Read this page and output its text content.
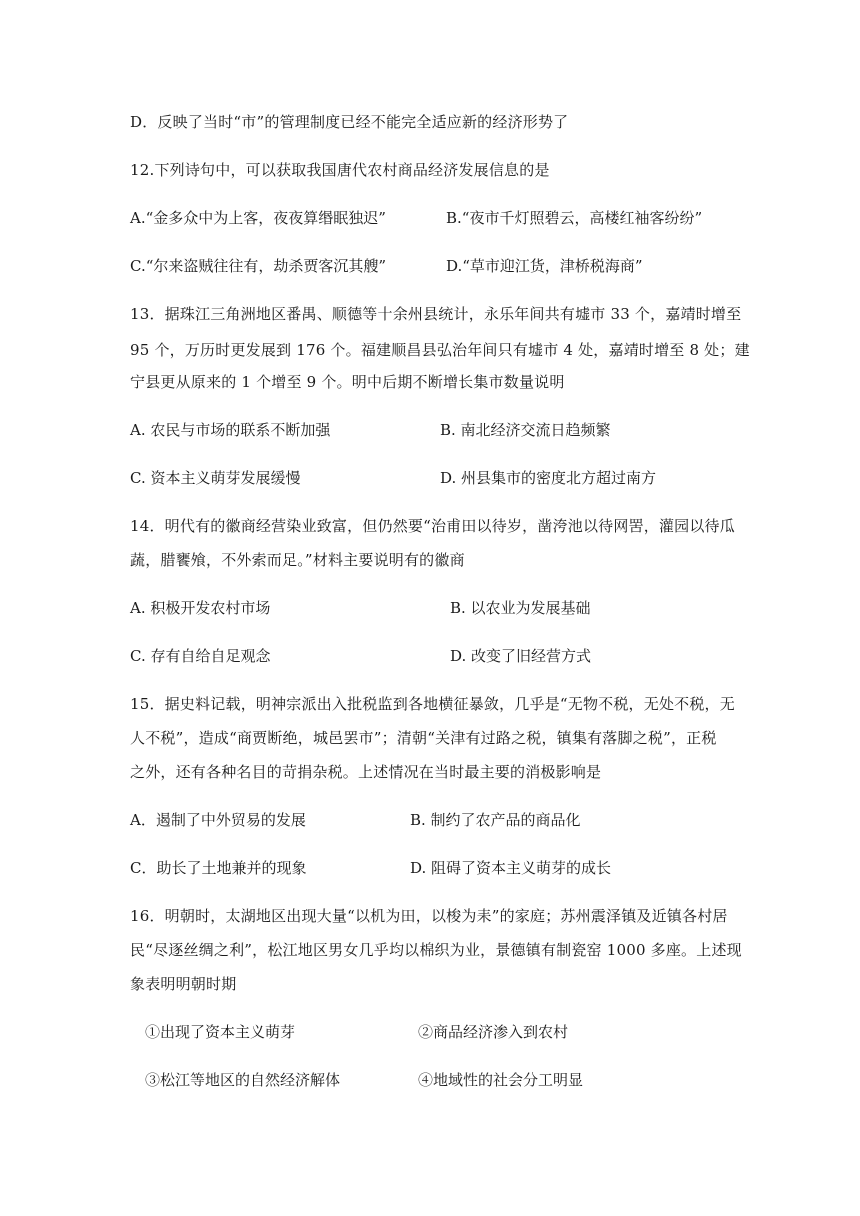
D．反映了当时“市”的管理制度已经不能完全适应新的经济形势了
12.下列诗句中，可以获取我国唐代农村商品经济发展信息的是
A.“金多众中为上客，夜夜算缗眠独迟”	B.“夜市千灯照碧云，高楼红袖客纷纷”
C.“尔来盗贼往往有，劫杀贾客沉其艘”	D.“草市迎江货，津桥税海商”
13．据珠江三角洲地区番禺、顺德等十余州县统计，永乐年间共有墟市 33 个，嘉靖时增至
95 个，万历时更发展到 176 个。福建顺昌县弘治年间只有墟市 4 处，嘉靖时增至 8 处；建
宁县更从原来的 1 个增至 9 个。明中后期不断增长集市数量说明
A. 农民与市场的联系不断加强	B. 南北经济交流日趋频繁
C. 资本主义萌芽发展缓慢	D. 州县集市的密度北方超过南方
14．明代有的徽商经营染业致富，但仍然要“治甫田以待岁，凿洿池以待网罟，灌园以待瓜
蔬，腊饔飧，不外索而足。”材料主要说明有的徽商
A. 积极开发农村市场	B. 以农业为发展基础
C. 存有自给自足观念	D. 改变了旧经营方式
15．据史料记载，明神宗派出入批税监到各地横征暴敛，几乎是“无物不税，无处不税，无
人不税”，造成“商贾断绝，城邑罢市”；清朝“关津有过路之税，镇集有落脚之税”，正税
之外，还有各种名目的苛捐杂税。上述情况在当时最主要的消极影响是
A．遏制了中外贸易的发展	B. 制约了农产品的商品化
C．助长了土地兼并的现象	D. 阻碍了资本主义萌芽的成长
16．明朝时，太湖地区出现大量“以机为田，以梭为耒”的家庭；苏州震泽镇及近镇各村居
民“尽逐丝绸之利”，松江地区男女几乎均以棉织为业，景德镇有制瓷窑 1000 多座。上述现
象表明明朝时期
①出现了资本主义萌芽	②商品经济渗入到农村
③松江等地区的自然经济解体	④地域性的社会分工明显
